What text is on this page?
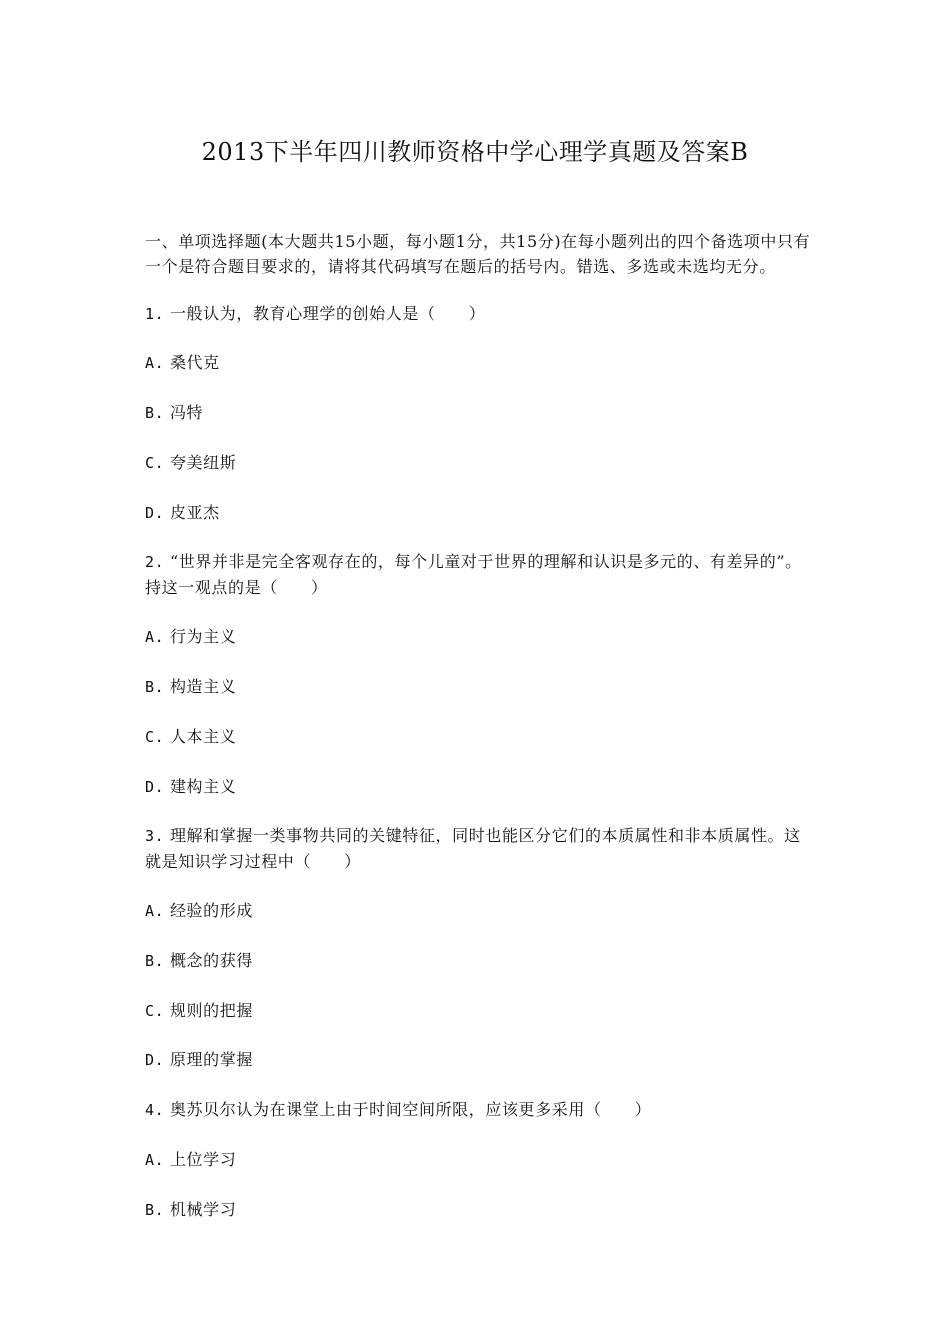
2013下半年四川教师资格中学心理学真题及答案B
一、单项选择题(本大题共15小题，每小题1分，共15分)在每小题列出的四个备选项中只有一个是符合题目要求的，请将其代码填写在题后的括号内。错选、多选或未选均无分。
1. 一般认为，教育心理学的创始人是（　　）
A. 桑代克
B. 冯特
C. 夸美纽斯
D. 皮亚杰
2. “世界并非是完全客观存在的，每个儿童对于世界的理解和认识是多元的、有差异的”。持这一观点的是（　　）
A. 行为主义
B. 构造主义
C. 人本主义
D. 建构主义
3. 理解和掌握一类事物共同的关键特征，同时也能区分它们的本质属性和非本质属性。这就是知识学习过程中（　　）
A. 经验的形成
B. 概念的获得
C. 规则的把握
D. 原理的掌握
4. 奥苏贝尔认为在课堂上由于时间空间所限，应该更多采用（　　）
A. 上位学习
B. 机械学习
